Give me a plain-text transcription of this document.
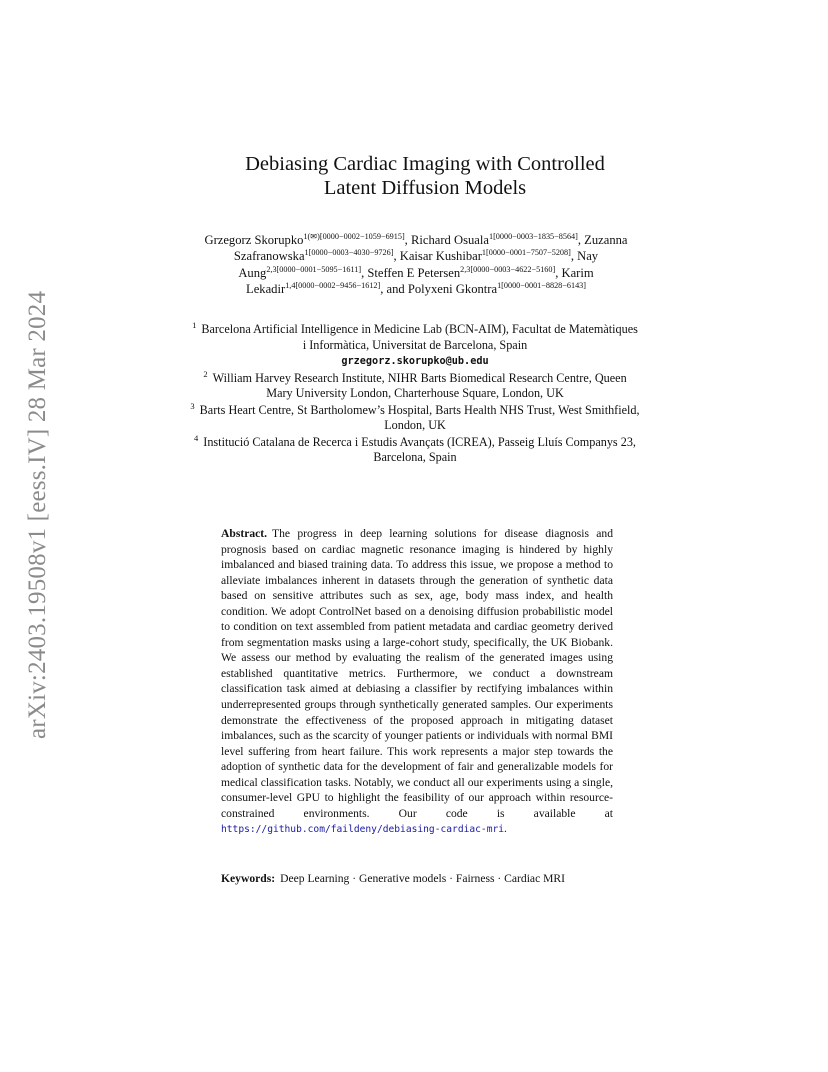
arXiv:2403.19508v1 [eess.IV] 28 Mar 2024
Debiasing Cardiac Imaging with Controlled
Latent Diffusion Models
Grzegorz Skorupko$^{1(✉)[0000-0002-1059-6915]}$, Richard Osuala$^{1[0000-0003-1835-8564]}$, Zuzanna Szafranowska$^{1[0000-0003-4030-9726]}$, Kaisar Kushibar$^{1[0000-0001-7507-5208]}$, Nay Aung$^{2,3[0000-0001-5095-1611]}$, Steffen E Petersen$^{2,3[0000-0003-4622-5160]}$, Karim Lekadir$^{1,4[0000-0002-9456-1612]}$, and Polyxeni Gkontra$^{1[0000-0001-8828-6143]}$
$^1$ Barcelona Artificial Intelligence in Medicine Lab (BCN-AIM), Facultat de Matemàtiques i Informàtica, Universitat de Barcelona, Spain
grzegorz.skorupko@ub.edu
$^2$ William Harvey Research Institute, NIHR Barts Biomedical Research Centre, Queen Mary University London, Charterhouse Square, London, UK
$^3$ Barts Heart Centre, St Bartholomew’s Hospital, Barts Health NHS Trust, West Smithfield, London, UK
$^4$ Institució Catalana de Recerca i Estudis Avançats (ICREA), Passeig Lluís Companys 23, Barcelona, Spain
Abstract. The progress in deep learning solutions for disease diagnosis and prognosis based on cardiac magnetic resonance imaging is hindered by highly imbalanced and biased training data. To address this issue, we propose a method to alleviate imbalances inherent in datasets through the generation of synthetic data based on sensitive attributes such as sex, age, body mass index, and health condition. We adopt ControlNet based on a denoising diffusion probabilistic model to condition on text assembled from patient metadata and cardiac geometry derived from segmentation masks using a large-cohort study, specifically, the UK Biobank. We assess our method by evaluating the realism of the generated images using established quantitative metrics. Furthermore, we conduct a downstream classification task aimed at debiasing a classifier by rectifying imbalances within underrepresented groups through synthetically generated samples. Our experiments demonstrate the effectiveness of the proposed approach in mitigating dataset imbalances, such as the scarcity of younger patients or individuals with normal BMI level suffering from heart failure. This work represents a major step towards the adoption of synthetic data for the development of fair and generalizable models for medical classification tasks. Notably, we conduct all our experiments using a single, consumer-level GPU to highlight the feasibility of our approach within resource-constrained environments. Our code is available at https://github.com/faildeny/debiasing-cardiac-mri.
Keywords: Deep Learning · Generative models · Fairness · Cardiac MRI
